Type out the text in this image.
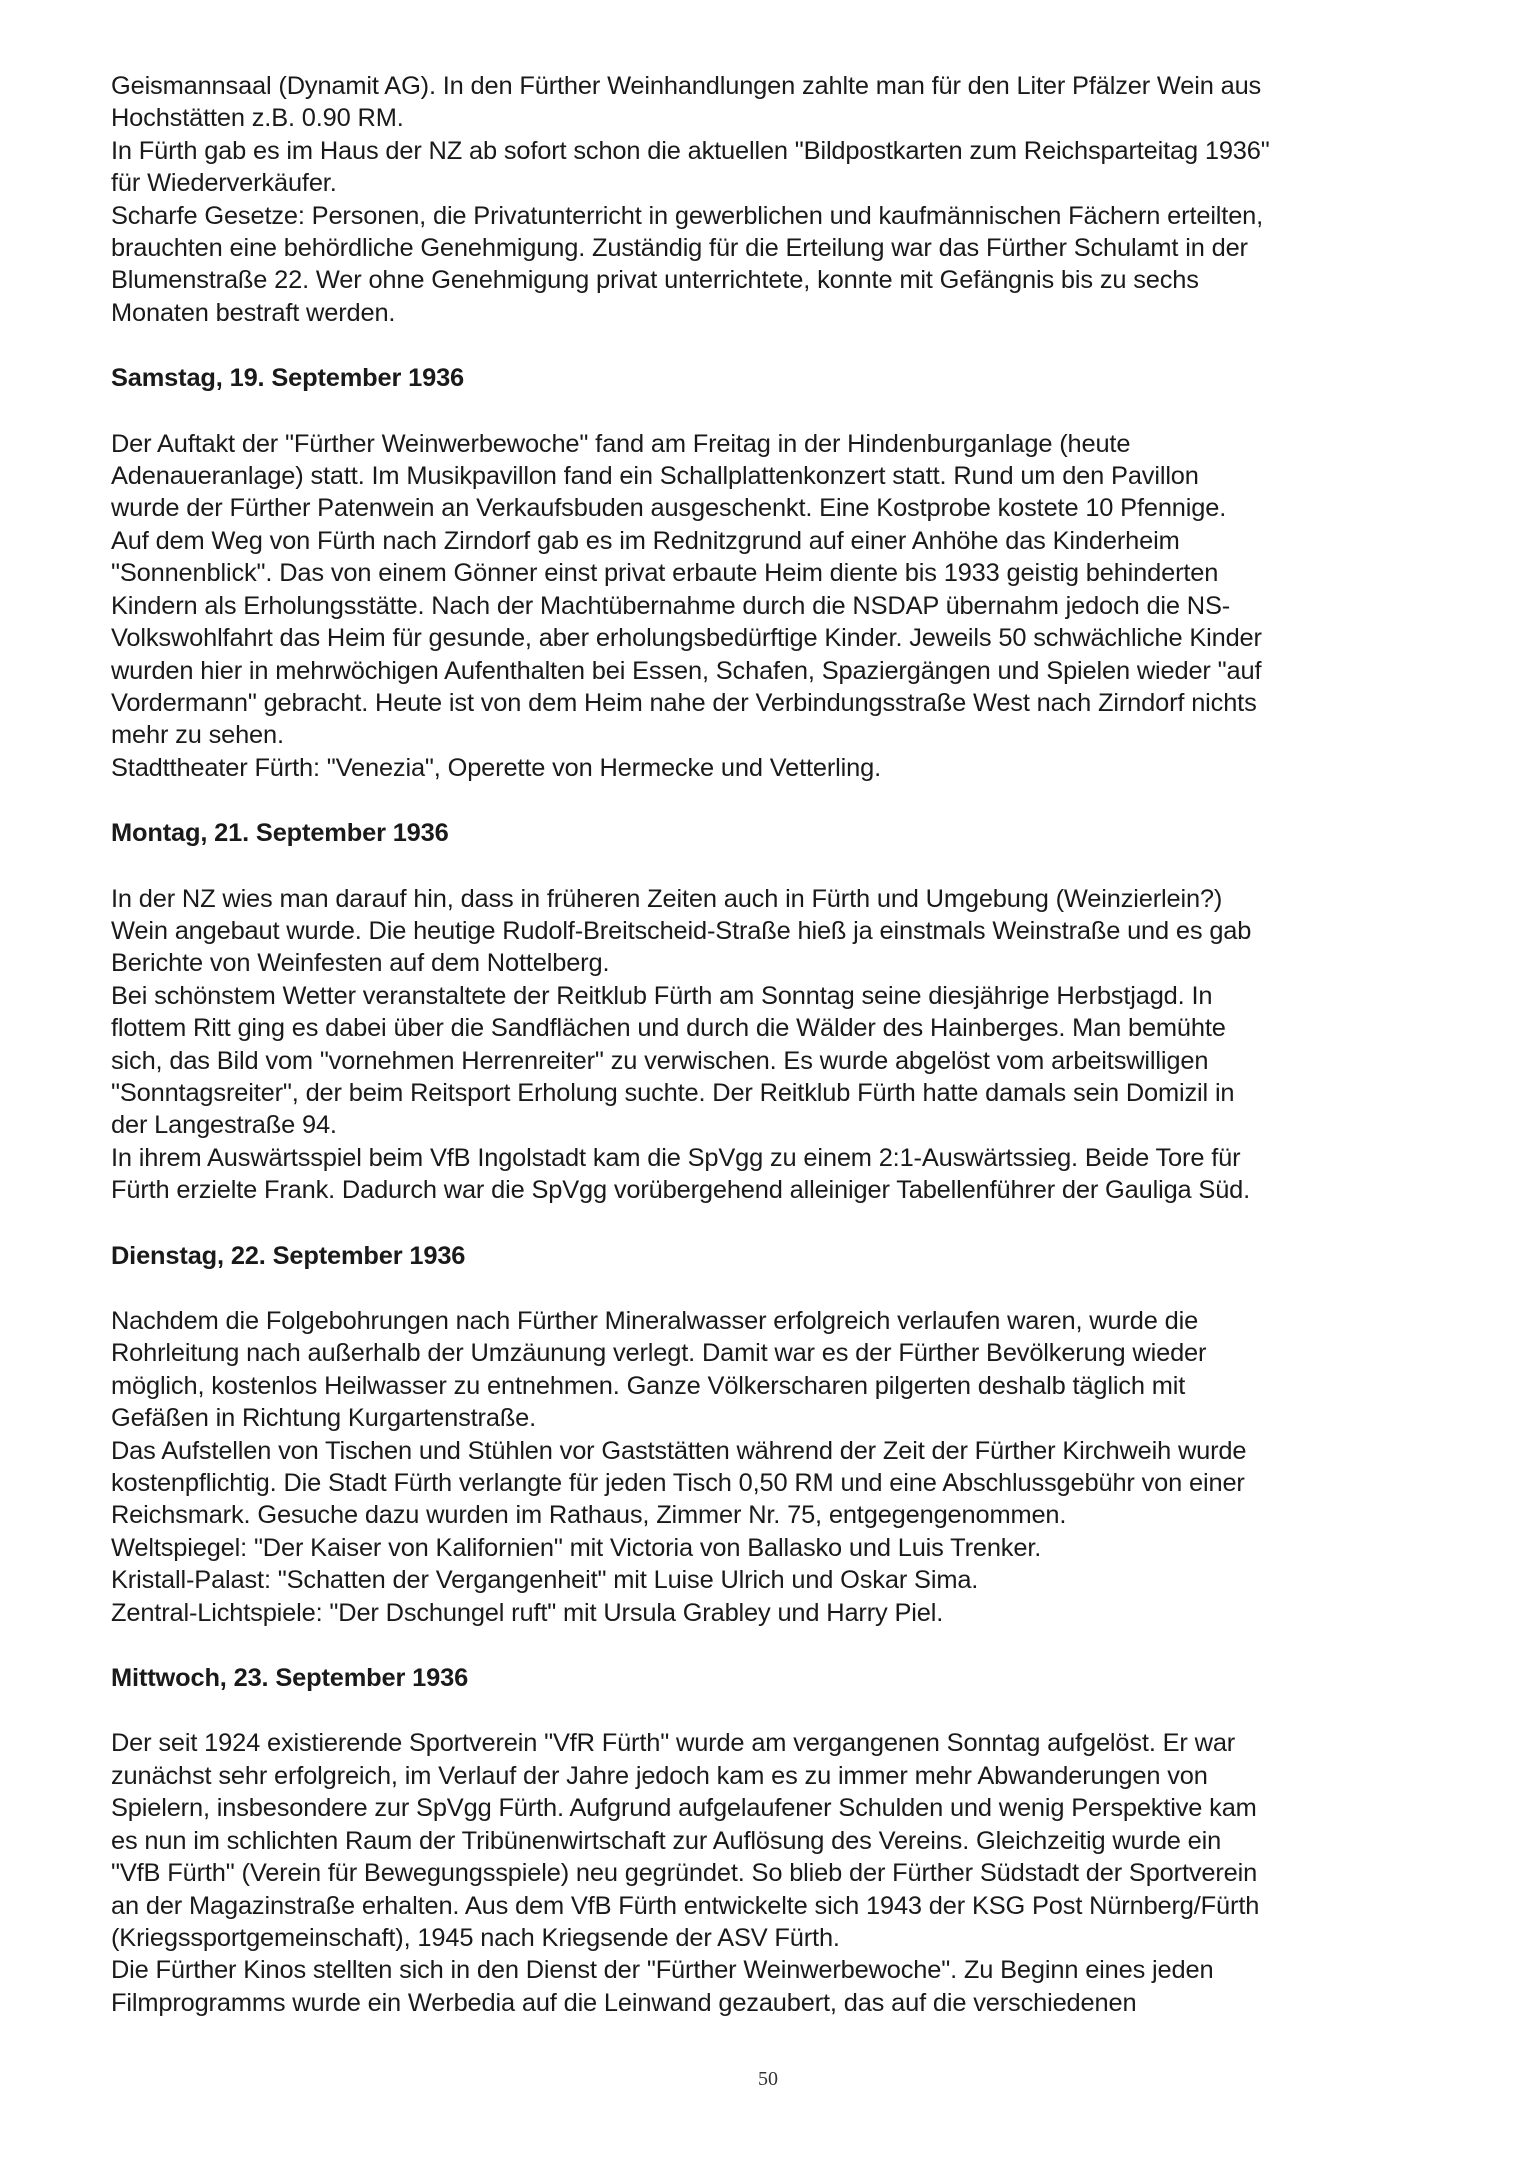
Geismannsaal (Dynamit AG). In den Fürther Weinhandlungen zahlte man für den Liter Pfälzer Wein aus
Hochstätten z.B. 0.90 RM.
In Fürth gab es im Haus der NZ ab sofort schon die aktuellen "Bildpostkarten zum Reichsparteitag 1936"
für Wiederverkäufer.
Scharfe Gesetze: Personen, die Privatunterricht in gewerblichen und kaufmännischen Fächern erteilten,
brauchten eine behördliche Genehmigung. Zuständig für die Erteilung war das Fürther Schulamt in der
Blumenstraße 22. Wer ohne Genehmigung privat unterrichtete, konnte mit Gefängnis bis zu sechs
Monaten bestraft werden.

Samstag, 19. September 1936

Der Auftakt der "Fürther Weinwerbewoche" fand am Freitag in der Hindenburganlage (heute
Adenaueranlage) statt. Im Musikpavillon fand ein Schallplattenkonzert statt. Rund um den Pavillon
wurde der Fürther Patenwein an Verkaufsbuden ausgeschenkt. Eine Kostprobe kostete 10 Pfennige.
Auf dem Weg von Fürth nach Zirndorf gab es im Rednitzgrund auf einer Anhöhe das Kinderheim
"Sonnenblick". Das von einem Gönner einst privat erbaute Heim diente bis 1933 geistig behinderten
Kindern als Erholungsstätte. Nach der Machtübernahme durch die NSDAP übernahm jedoch die NS-
Volkswohlfahrt das Heim für gesunde, aber erholungsbedürftige Kinder. Jeweils 50 schwächliche Kinder
wurden hier in mehrwöchigen Aufenthalten bei Essen, Schafen, Spaziergängen und Spielen wieder "auf
Vordermann" gebracht. Heute ist von dem Heim nahe der Verbindungsstraße West nach Zirndorf nichts
mehr zu sehen.
Stadttheater Fürth: "Venezia", Operette von Hermecke und Vetterling.

Montag, 21. September 1936

In der NZ wies man darauf hin, dass in früheren Zeiten auch in Fürth und Umgebung (Weinzierlein?)
Wein angebaut wurde. Die heutige Rudolf-Breitscheid-Straße hieß ja einstmals Weinstraße und es gab
Berichte von Weinfesten auf dem Nottelberg.
Bei schönstem Wetter veranstaltete der Reitklub Fürth am Sonntag seine diesjährige Herbstjagd. In
flottem Ritt ging es dabei über die Sandflächen und durch die Wälder des Hainberges. Man bemühte
sich, das Bild vom "vornehmen Herrenreiter" zu verwischen. Es wurde abgelöst vom arbeitswilligen
"Sonntagsreiter", der beim Reitsport Erholung suchte. Der Reitklub Fürth hatte damals sein Domizil in
der Langestraße 94.
In ihrem Auswärtsspiel beim VfB Ingolstadt kam die SpVgg zu einem 2:1-Auswärtssieg. Beide Tore für
Fürth erzielte Frank. Dadurch war die SpVgg vorübergehend alleiniger Tabellenführer der Gauliga Süd.

Dienstag, 22. September 1936

Nachdem die Folgebohrungen nach Fürther Mineralwasser erfolgreich verlaufen waren, wurde die
Rohrleitung nach außerhalb der Umzäunung verlegt. Damit war es der Fürther Bevölkerung wieder
möglich, kostenlos Heilwasser zu entnehmen. Ganze Völkerscharen pilgerten deshalb täglich mit
Gefäßen in Richtung Kurgartenstraße.
Das Aufstellen von Tischen und Stühlen vor Gaststätten während der Zeit der Fürther Kirchweih wurde
kostenpflichtig. Die Stadt Fürth verlangte für jeden Tisch 0,50 RM und eine Abschlussgebühr von einer
Reichsmark. Gesuche dazu wurden im Rathaus, Zimmer Nr. 75, entgegengenommen.
Weltspiegel: "Der Kaiser von Kalifornien" mit Victoria von Ballasko und Luis Trenker.
Kristall-Palast: "Schatten der Vergangenheit" mit Luise Ulrich und Oskar Sima.
Zentral-Lichtspiele: "Der Dschungel ruft" mit Ursula Grabley und Harry Piel.

Mittwoch, 23. September 1936

Der seit 1924 existierende Sportverein "VfR Fürth" wurde am vergangenen Sonntag aufgelöst. Er war
zunächst sehr erfolgreich, im Verlauf der Jahre jedoch kam es zu immer mehr Abwanderungen von
Spielern, insbesondere zur SpVgg Fürth. Aufgrund aufgelaufener Schulden und wenig Perspektive kam
es nun im schlichten Raum der Tribünenwirtschaft zur Auflösung des Vereins. Gleichzeitig wurde ein
"VfB Fürth" (Verein für Bewegungsspiele) neu gegründet. So blieb der Fürther Südstadt der Sportverein
an der Magazinstraße erhalten. Aus dem VfB Fürth entwickelte sich 1943 der KSG Post Nürnberg/Fürth
(Kriegssportgemeinschaft), 1945 nach Kriegsende der ASV Fürth.
Die Fürther Kinos stellten sich in den Dienst der "Fürther Weinwerbewoche". Zu Beginn eines jeden
Filmprogramms wurde ein Werbedia auf die Leinwand gezaubert, das auf die verschiedenen

50
